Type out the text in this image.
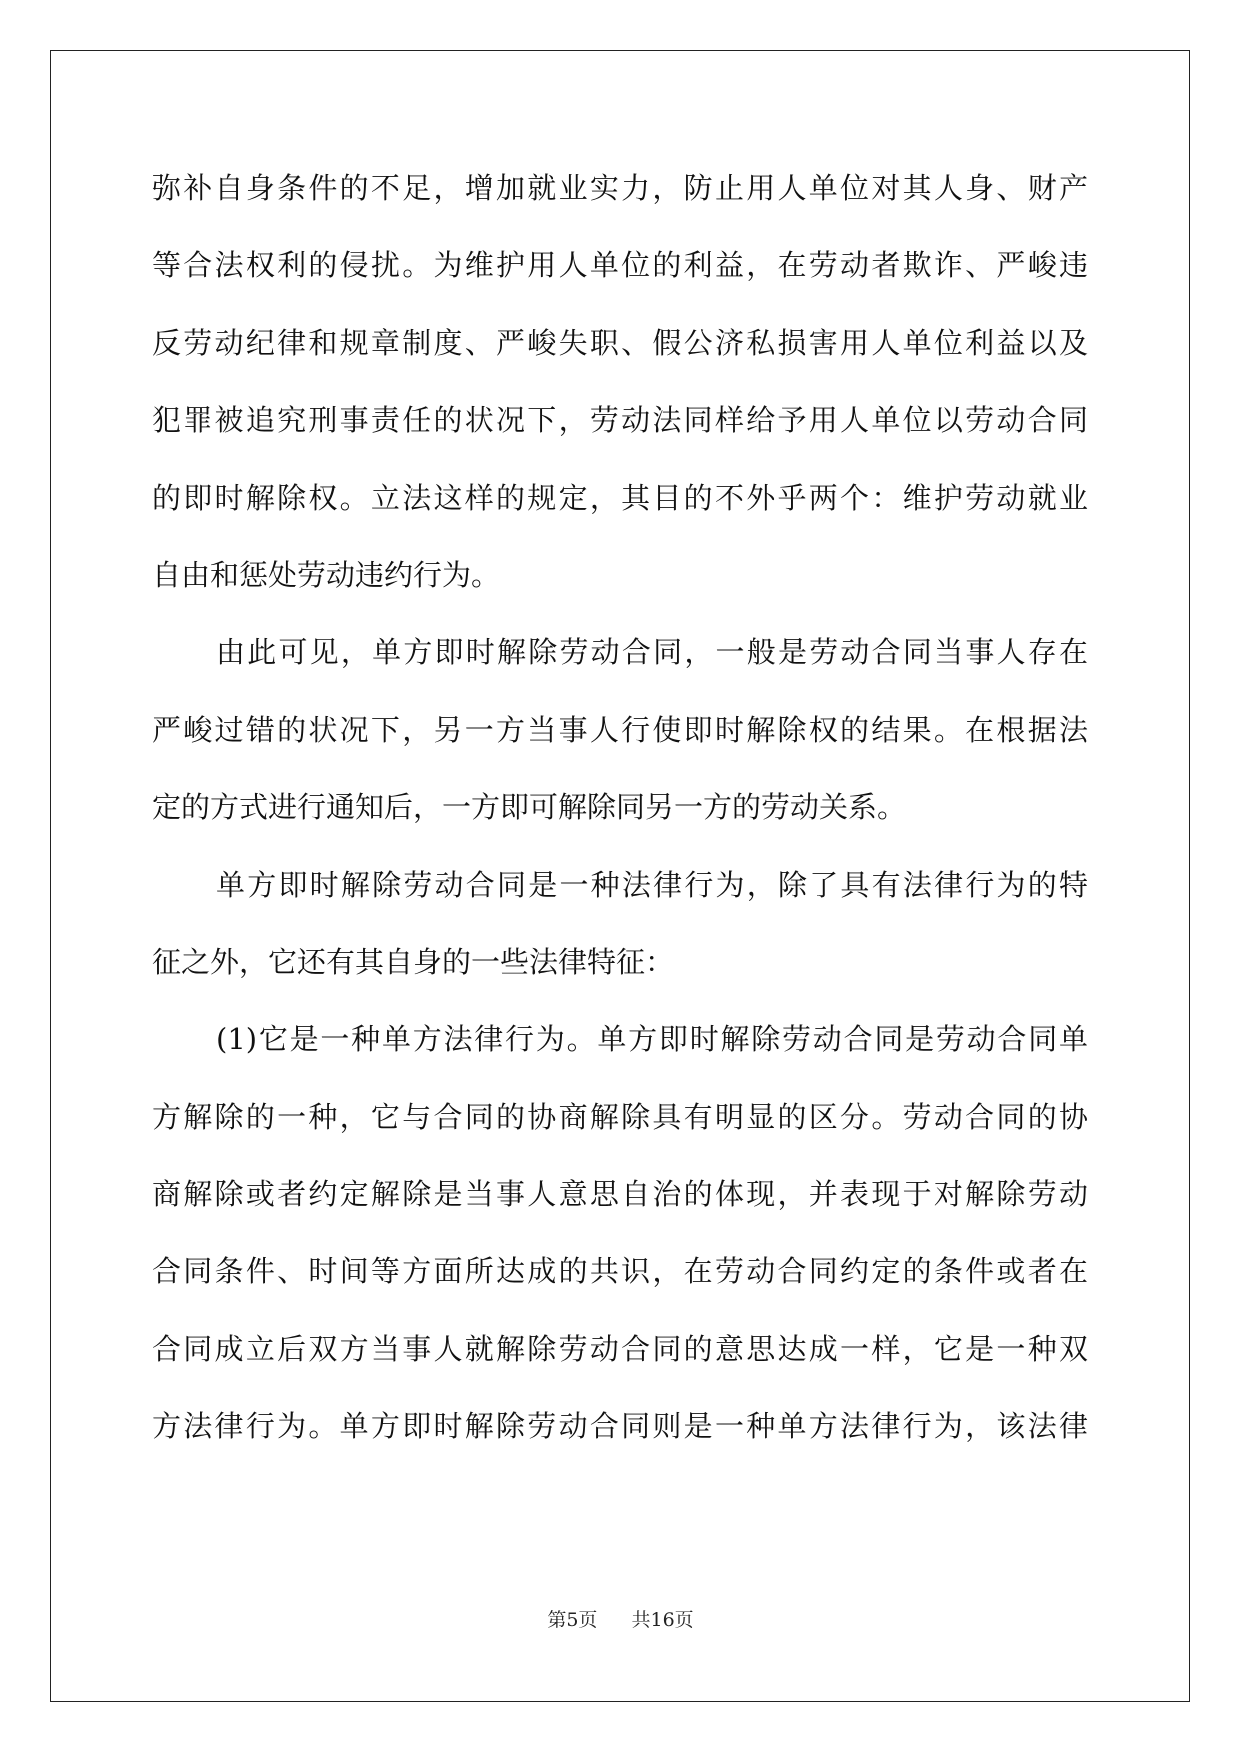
弥补自身条件的不足，增加就业实力，防止用人单位对其人身、财产
等合法权利的侵扰。为维护用人单位的利益，在劳动者欺诈、严峻违
反劳动纪律和规章制度、严峻失职、假公济私损害用人单位利益以及
犯罪被追究刑事责任的状况下，劳动法同样给予用人单位以劳动合同
的即时解除权。立法这样的规定，其目的不外乎两个：维护劳动就业
自由和惩处劳动违约行为。
由此可见，单方即时解除劳动合同，一般是劳动合同当事人存在
严峻过错的状况下，另一方当事人行使即时解除权的结果。在根据法
定的方式进行通知后，一方即可解除同另一方的劳动关系。
单方即时解除劳动合同是一种法律行为，除了具有法律行为的特
征之外，它还有其自身的一些法律特征：
(1)它是一种单方法律行为。单方即时解除劳动合同是劳动合同单
方解除的一种，它与合同的协商解除具有明显的区分。劳动合同的协
商解除或者约定解除是当事人意思自治的体现，并表现于对解除劳动
合同条件、时间等方面所达成的共识，在劳动合同约定的条件或者在
合同成立后双方当事人就解除劳动合同的意思达成一样，它是一种双
方法律行为。单方即时解除劳动合同则是一种单方法律行为，该法律
第5页 共16页
